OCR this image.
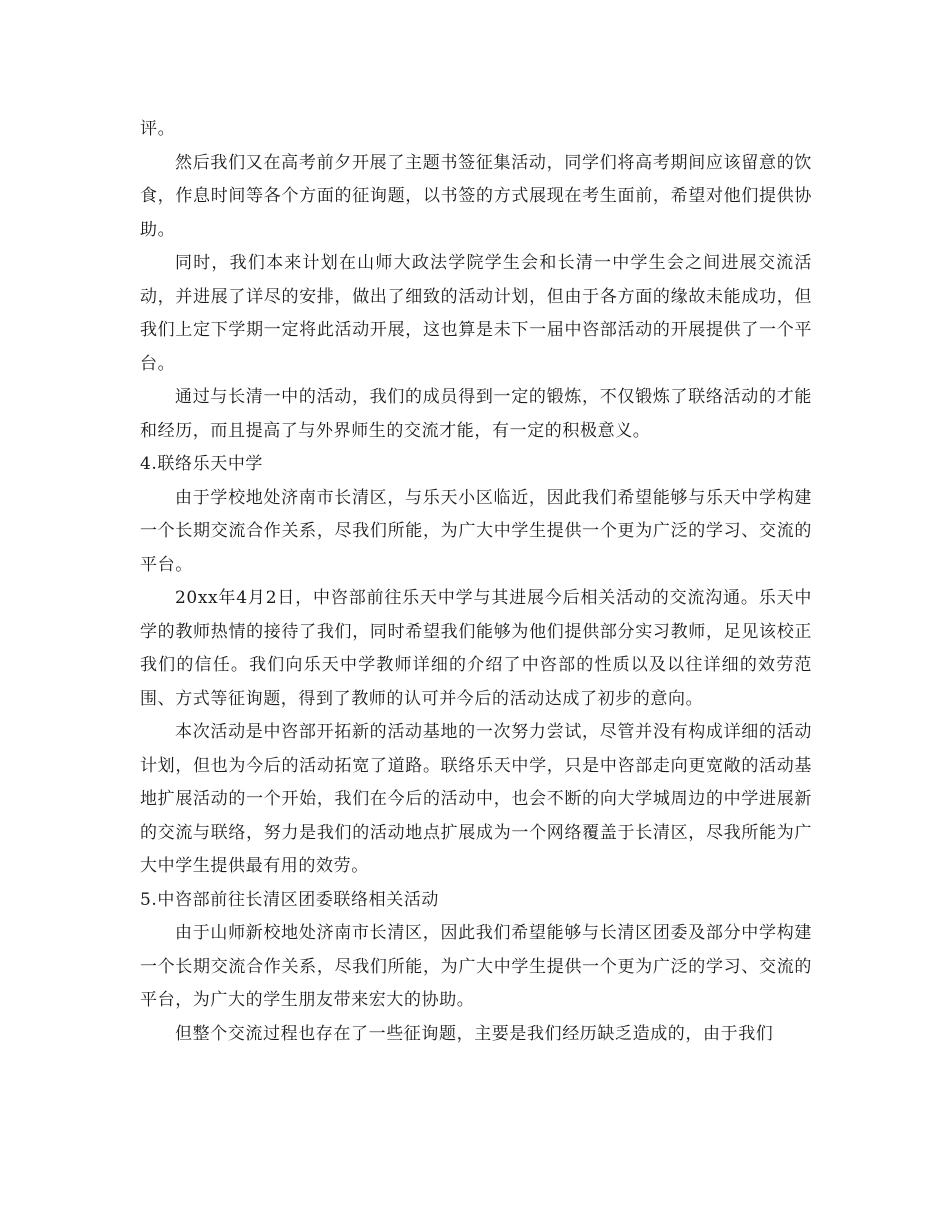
评。

然后我们又在高考前夕开展了主题书签征集活动，同学们将高考期间应该留意的饮食，作息时间等各个方面的征询题，以书签的方式展现在考生面前，希望对他们提供协助。

同时，我们本来计划在山师大政法学院学生会和长清一中学生会之间进展交流活动，并进展了详尽的安排，做出了细致的活动计划，但由于各方面的缘故未能成功，但我们上定下学期一定将此活动开展，这也算是未下一届中咨部活动的开展提供了一个平台。

通过与长清一中的活动，我们的成员得到一定的锻炼，不仅锻炼了联络活动的才能和经历，而且提高了与外界师生的交流才能，有一定的积极意义。

4.联络乐天中学

由于学校地处济南市长清区，与乐天小区临近，因此我们希望能够与乐天中学构建一个长期交流合作关系，尽我们所能，为广大中学生提供一个更为广泛的学习、交流的平台。

20xx年4月2日，中咨部前往乐天中学与其进展今后相关活动的交流沟通。乐天中学的教师热情的接待了我们，同时希望我们能够为他们提供部分实习教师，足见该校正我们的信任。我们向乐天中学教师详细的介绍了中咨部的性质以及以往详细的效劳范围、方式等征询题，得到了教师的认可并今后的活动达成了初步的意向。

本次活动是中咨部开拓新的活动基地的一次努力尝试，尽管并没有构成详细的活动计划，但也为今后的活动拓宽了道路。联络乐天中学，只是中咨部走向更宽敞的活动基地扩展活动的一个开始，我们在今后的活动中，也会不断的向大学城周边的中学进展新的交流与联络，努力是我们的活动地点扩展成为一个网络覆盖于长清区，尽我所能为广大中学生提供最有用的效劳。

5.中咨部前往长清区团委联络相关活动

由于山师新校地处济南市长清区，因此我们希望能够与长清区团委及部分中学构建一个长期交流合作关系，尽我们所能，为广大中学生提供一个更为广泛的学习、交流的平台，为广大的学生朋友带来宏大的协助。

但整个交流过程也存在了一些征询题，主要是我们经历缺乏造成的，由于我们
